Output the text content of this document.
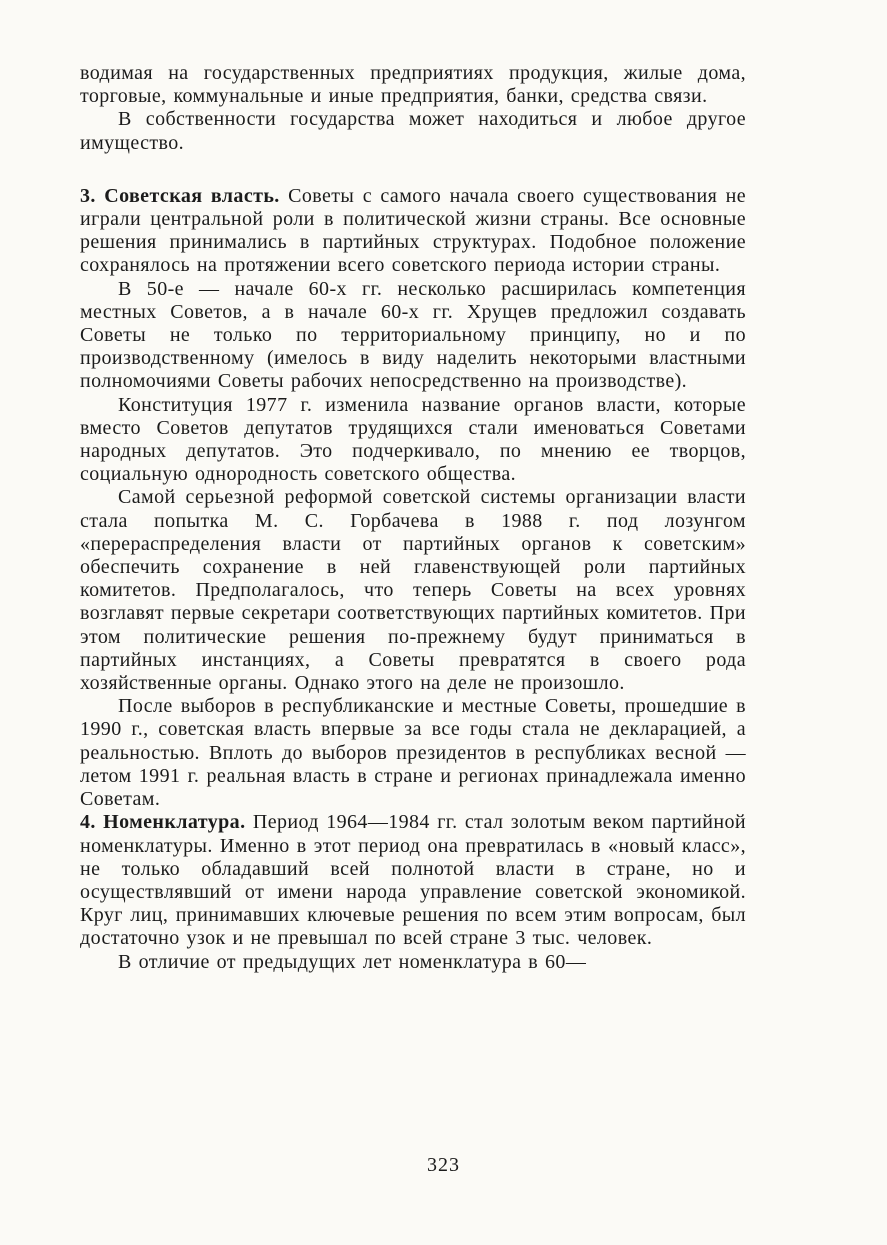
водимая на государственных предприятиях продукция, жилые дома, торговые, коммунальные и иные предприятия, банки, средства связи.

В собственности государства может находиться и любое другое имущество.

3. Советская власть. Советы с самого начала своего существования не играли центральной роли в политической жизни страны. Все основные решения принимались в партийных структурах. Подобное положение сохранялось на протяжении всего советского периода истории страны.

В 50-е — начале 60-х гг. несколько расширилась компетенция местных Советов, а в начале 60-х гг. Хрущев предложил создавать Советы не только по территориальному принципу, но и по производственному (имелось в виду наделить некоторыми властными полномочиями Советы рабочих непосредственно на производстве).

Конституция 1977 г. изменила название органов власти, которые вместо Советов депутатов трудящихся стали именоваться Советами народных депутатов. Это подчеркивало, по мнению ее творцов, социальную однородность советского общества.

Самой серьезной реформой советской системы организации власти стала попытка М. С. Горбачева в 1988 г. под лозунгом «перераспределения власти от партийных органов к советским» обеспечить сохранение в ней главенствующей роли партийных комитетов. Предполагалось, что теперь Советы на всех уровнях возглавят первые секретари соответствующих партийных комитетов. При этом политические решения по-прежнему будут приниматься в партийных инстанциях, а Советы превратятся в своего рода хозяйственные органы. Однако этого на деле не произошло.

После выборов в республиканские и местные Советы, прошедшие в 1990 г., советская власть впервые за все годы стала не декларацией, а реальностью. Вплоть до выборов президентов в республиках весной — летом 1991 г. реальная власть в стране и регионах принадлежала именно Советам.

4. Номенклатура. Период 1964—1984 гг. стал золотым веком партийной номенклатуры. Именно в этот период она превратилась в «новый класс», не только обладавший всей полнотой власти в стране, но и осуществлявший от имени народа управление советской экономикой. Круг лиц, принимавших ключевые решения по всем этим вопросам, был достаточно узок и не превышал по всей стране 3 тыс. человек.

В отличие от предыдущих лет номенклатура в 60—

323
